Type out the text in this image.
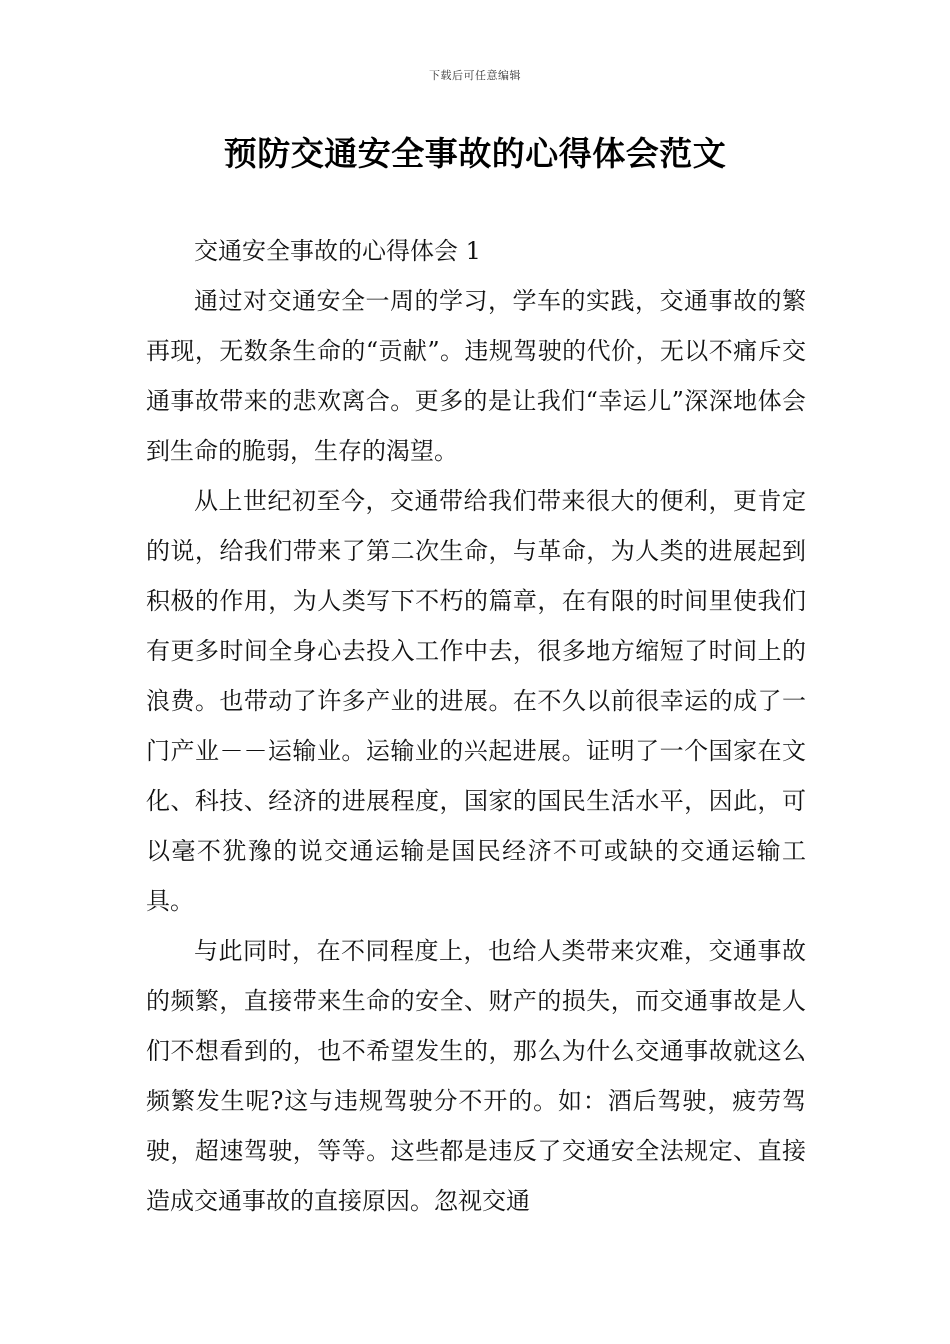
下载后可任意编辑
预防交通安全事故的心得体会范文

交通安全事故的心得体会 1

通过对交通安全一周的学习，学车的实践，交通事故的繁再现，无数条生命的“贡献”。违规驾驶的代价，无以不痛斥交通事故带来的悲欢离合。更多的是让我们“幸运儿”深深地体会到生命的脆弱，生存的渴望。

从上世纪初至今，交通带给我们带来很大的便利，更肯定的说，给我们带来了第二次生命，与革命，为人类的进展起到积极的作用，为人类写下不朽的篇章，在有限的时间里使我们有更多时间全身心去投入工作中去，很多地方缩短了时间上的浪费。也带动了许多产业的进展。在不久以前很幸运的成了一门产业－－运输业。运输业的兴起进展。证明了一个国家在文化、科技、经济的进展程度，国家的国民生活水平，因此，可以毫不犹豫的说交通运输是国民经济不可或缺的交通运输工具。

与此同时，在不同程度上，也给人类带来灾难，交通事故的频繁，直接带来生命的安全、财产的损失，而交通事故是人们不想看到的，也不希望发生的，那么为什么交通事故就这么频繁发生呢?这与违规驾驶分不开的。如：酒后驾驶，疲劳驾驶，超速驾驶，等等。这些都是违反了交通安全法规定、直接造成交通事故的直接原因。忽视交通
